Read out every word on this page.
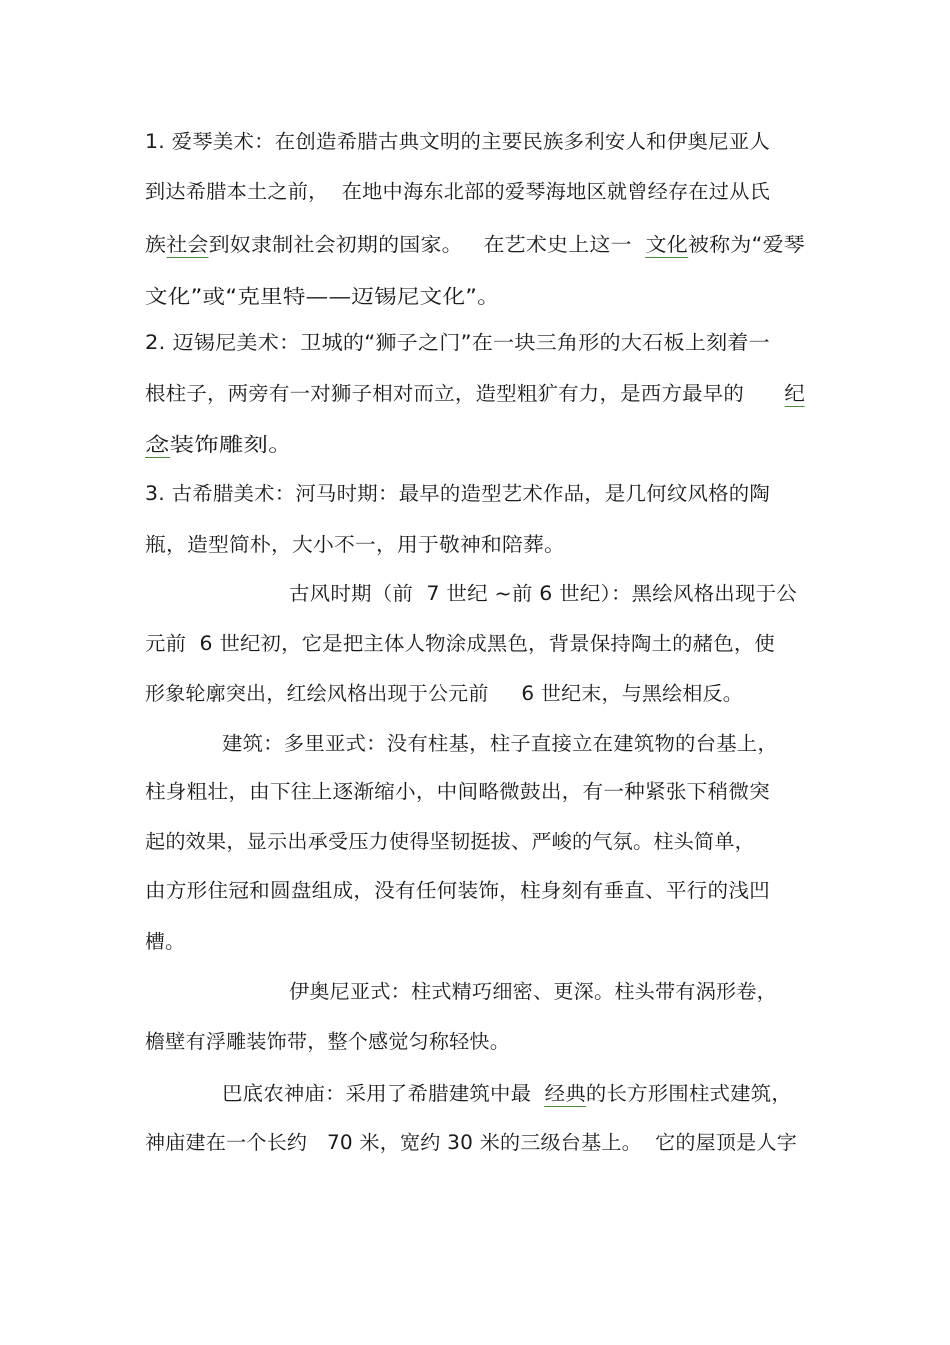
1. 爱琴美术：在创造希腊古典文明的主要民族多利安人和伊奥尼亚人
到达希腊本土之前，  在地中海东北部的爱琴海地区就曾经存在过从氏
族社会到奴隶制社会初期的国家。   在艺术史上这一  文化被称为“爱琴
文化”或“克里特——迈锡尼文化”。
2. 迈锡尼美术：卫城的“狮子之门”在一块三角形的大石板上刻着一
根柱子，两旁有一对狮子相对而立，造型粗犷有力，是西方最早的      纪
念装饰雕刻。
3. 古希腊美术：河马时期：最早的造型艺术作品，是几何纹风格的陶
瓶，造型简朴，大小不一，用于敬神和陪葬。
古风时期（前  7 世纪 ~前 6 世纪）：黑绘风格出现于公
元前  6 世纪初，它是把主体人物涂成黑色，背景保持陶土的赭色，使
形象轮廓突出，红绘风格出现于公元前     6 世纪末，与黑绘相反。
建筑：多里亚式：没有柱基，柱子直接立在建筑物的台基上，
柱身粗壮，由下往上逐渐缩小，中间略微鼓出，有一种紧张下稍微突
起的效果，显示出承受压力使得坚韧挺拔、严峻的气氛。柱头简单，
由方形住冠和圆盘组成，没有任何装饰，柱身刻有垂直、平行的浅凹
槽。
伊奥尼亚式：柱式精巧细密、更深。柱头带有涡形卷，
檐壁有浮雕装饰带，整个感觉匀称轻快。
巴底农神庙：采用了希腊建筑中最  经典的长方形围柱式建筑，
神庙建在一个长约   70 米，宽约 30 米的三级台基上。  它的屋顶是人字
